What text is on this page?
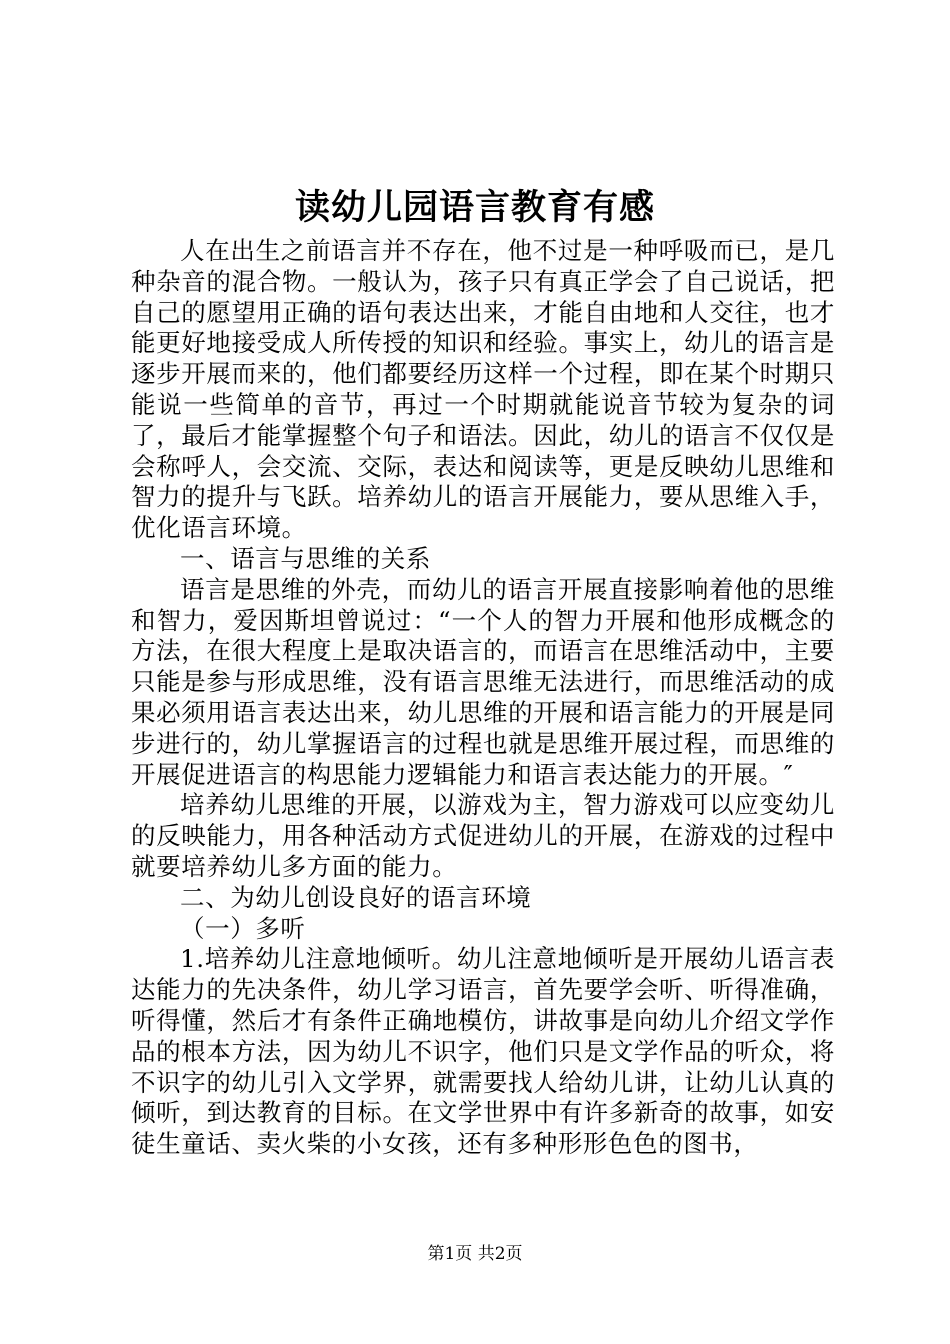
读幼儿园语言教育有感

人在出生之前语言并不存在，他不过是一种呼吸而已，是几种杂音的混合物。一般认为，孩子只有真正学会了自己说话，把自己的愿望用正确的语句表达出来，才能自由地和人交往，也才能更好地接受成人所传授的知识和经验。事实上，幼儿的语言是逐步开展而来的，他们都要经历这样一个过程，即在某个时期只能说一些简单的音节，再过一个时期就能说音节较为复杂的词了，最后才能掌握整个句子和语法。因此，幼儿的语言不仅仅是会称呼人，会交流、交际，表达和阅读等，更是反映幼儿思维和智力的提升与飞跃。培养幼儿的语言开展能力，要从思维入手，优化语言环境。

一、语言与思维的关系

语言是思维的外壳，而幼儿的语言开展直接影响着他的思维和智力，爱因斯坦曾说过：“一个人的智力开展和他形成概念的方法，在很大程度上是取决语言的，而语言在思维活动中，主要只能是参与形成思维，没有语言思维无法进行，而思维活动的成果必须用语言表达出来，幼儿思维的开展和语言能力的开展是同步进行的，幼儿掌握语言的过程也就是思维开展过程，而思维的开展促进语言的构思能力逻辑能力和语言表达能力的开展。″

培养幼儿思维的开展，以游戏为主，智力游戏可以应变幼儿的反映能力，用各种活动方式促进幼儿的开展，在游戏的过程中就要培养幼儿多方面的能力。

二、为幼儿创设良好的语言环境

（一）多听

1.培养幼儿注意地倾听。幼儿注意地倾听是开展幼儿语言表达能力的先决条件，幼儿学习语言，首先要学会听、听得准确，听得懂，然后才有条件正确地模仿，讲故事是向幼儿介绍文学作品的根本方法，因为幼儿不识字，他们只是文学作品的听众，将不识字的幼儿引入文学界，就需要找人给幼儿讲，让幼儿认真的倾听，到达教育的目标。在文学世界中有许多新奇的故事，如安徒生童话、卖火柴的小女孩，还有多种形形色色的图书，

第1页 共2页
